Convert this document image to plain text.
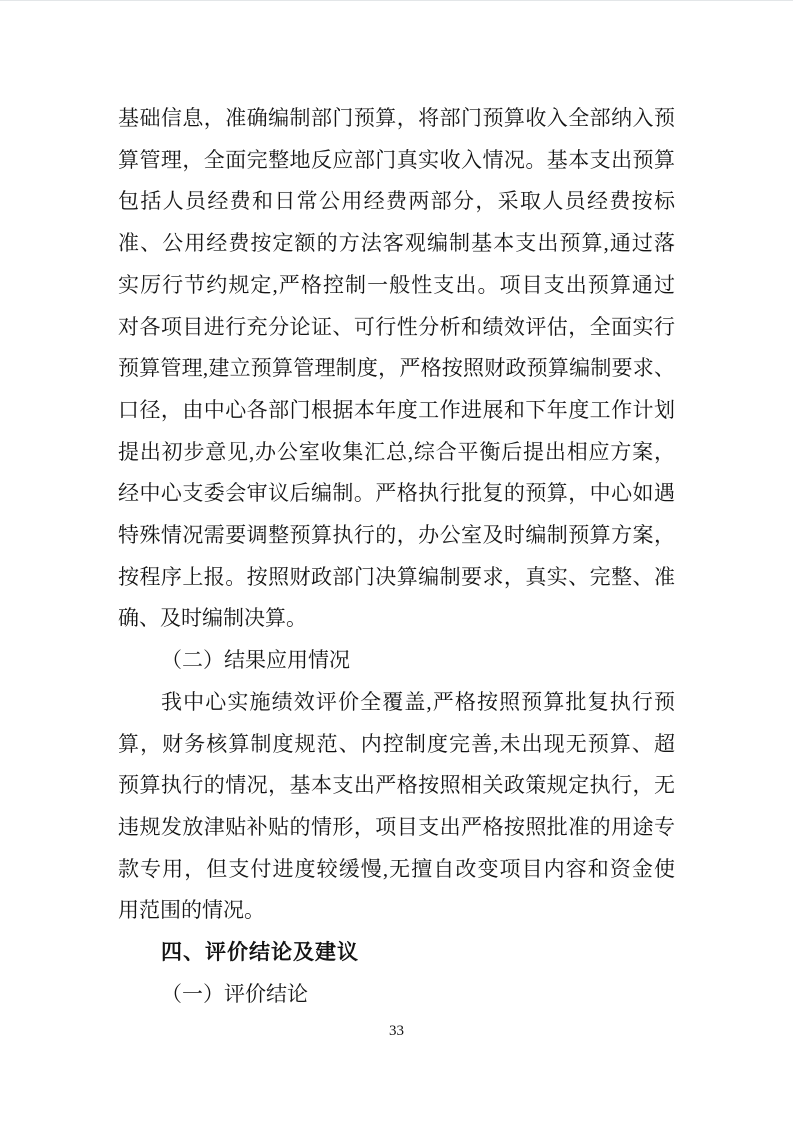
基础信息，准确编制部门预算，将部门预算收入全部纳入预
算管理，全面完整地反应部门真实收入情况。基本支出预算
包括人员经费和日常公用经费两部分，采取人员经费按标
准、公用经费按定额的方法客观编制基本支出预算,通过落
实厉行节约规定,严格控制一般性支出。项目支出预算通过
对各项目进行充分论证、可行性分析和绩效评估，全面实行
预算管理,建立预算管理制度，严格按照财政预算编制要求、
口径，由中心各部门根据本年度工作进展和下年度工作计划
提出初步意见,办公室收集汇总,综合平衡后提出相应方案，
经中心支委会审议后编制。严格执行批复的预算，中心如遇
特殊情况需要调整预算执行的，办公室及时编制预算方案，
按程序上报。按照财政部门决算编制要求，真实、完整、准
确、及时编制决算。
（二）结果应用情况
我中心实施绩效评价全覆盖,严格按照预算批复执行预
算，财务核算制度规范、内控制度完善,未出现无预算、超
预算执行的情况，基本支出严格按照相关政策规定执行，无
违规发放津贴补贴的情形，项目支出严格按照批准的用途专
款专用，但支付进度较缓慢,无擅自改变项目内容和资金使
用范围的情况。
四、评价结论及建议
（一）评价结论
33
